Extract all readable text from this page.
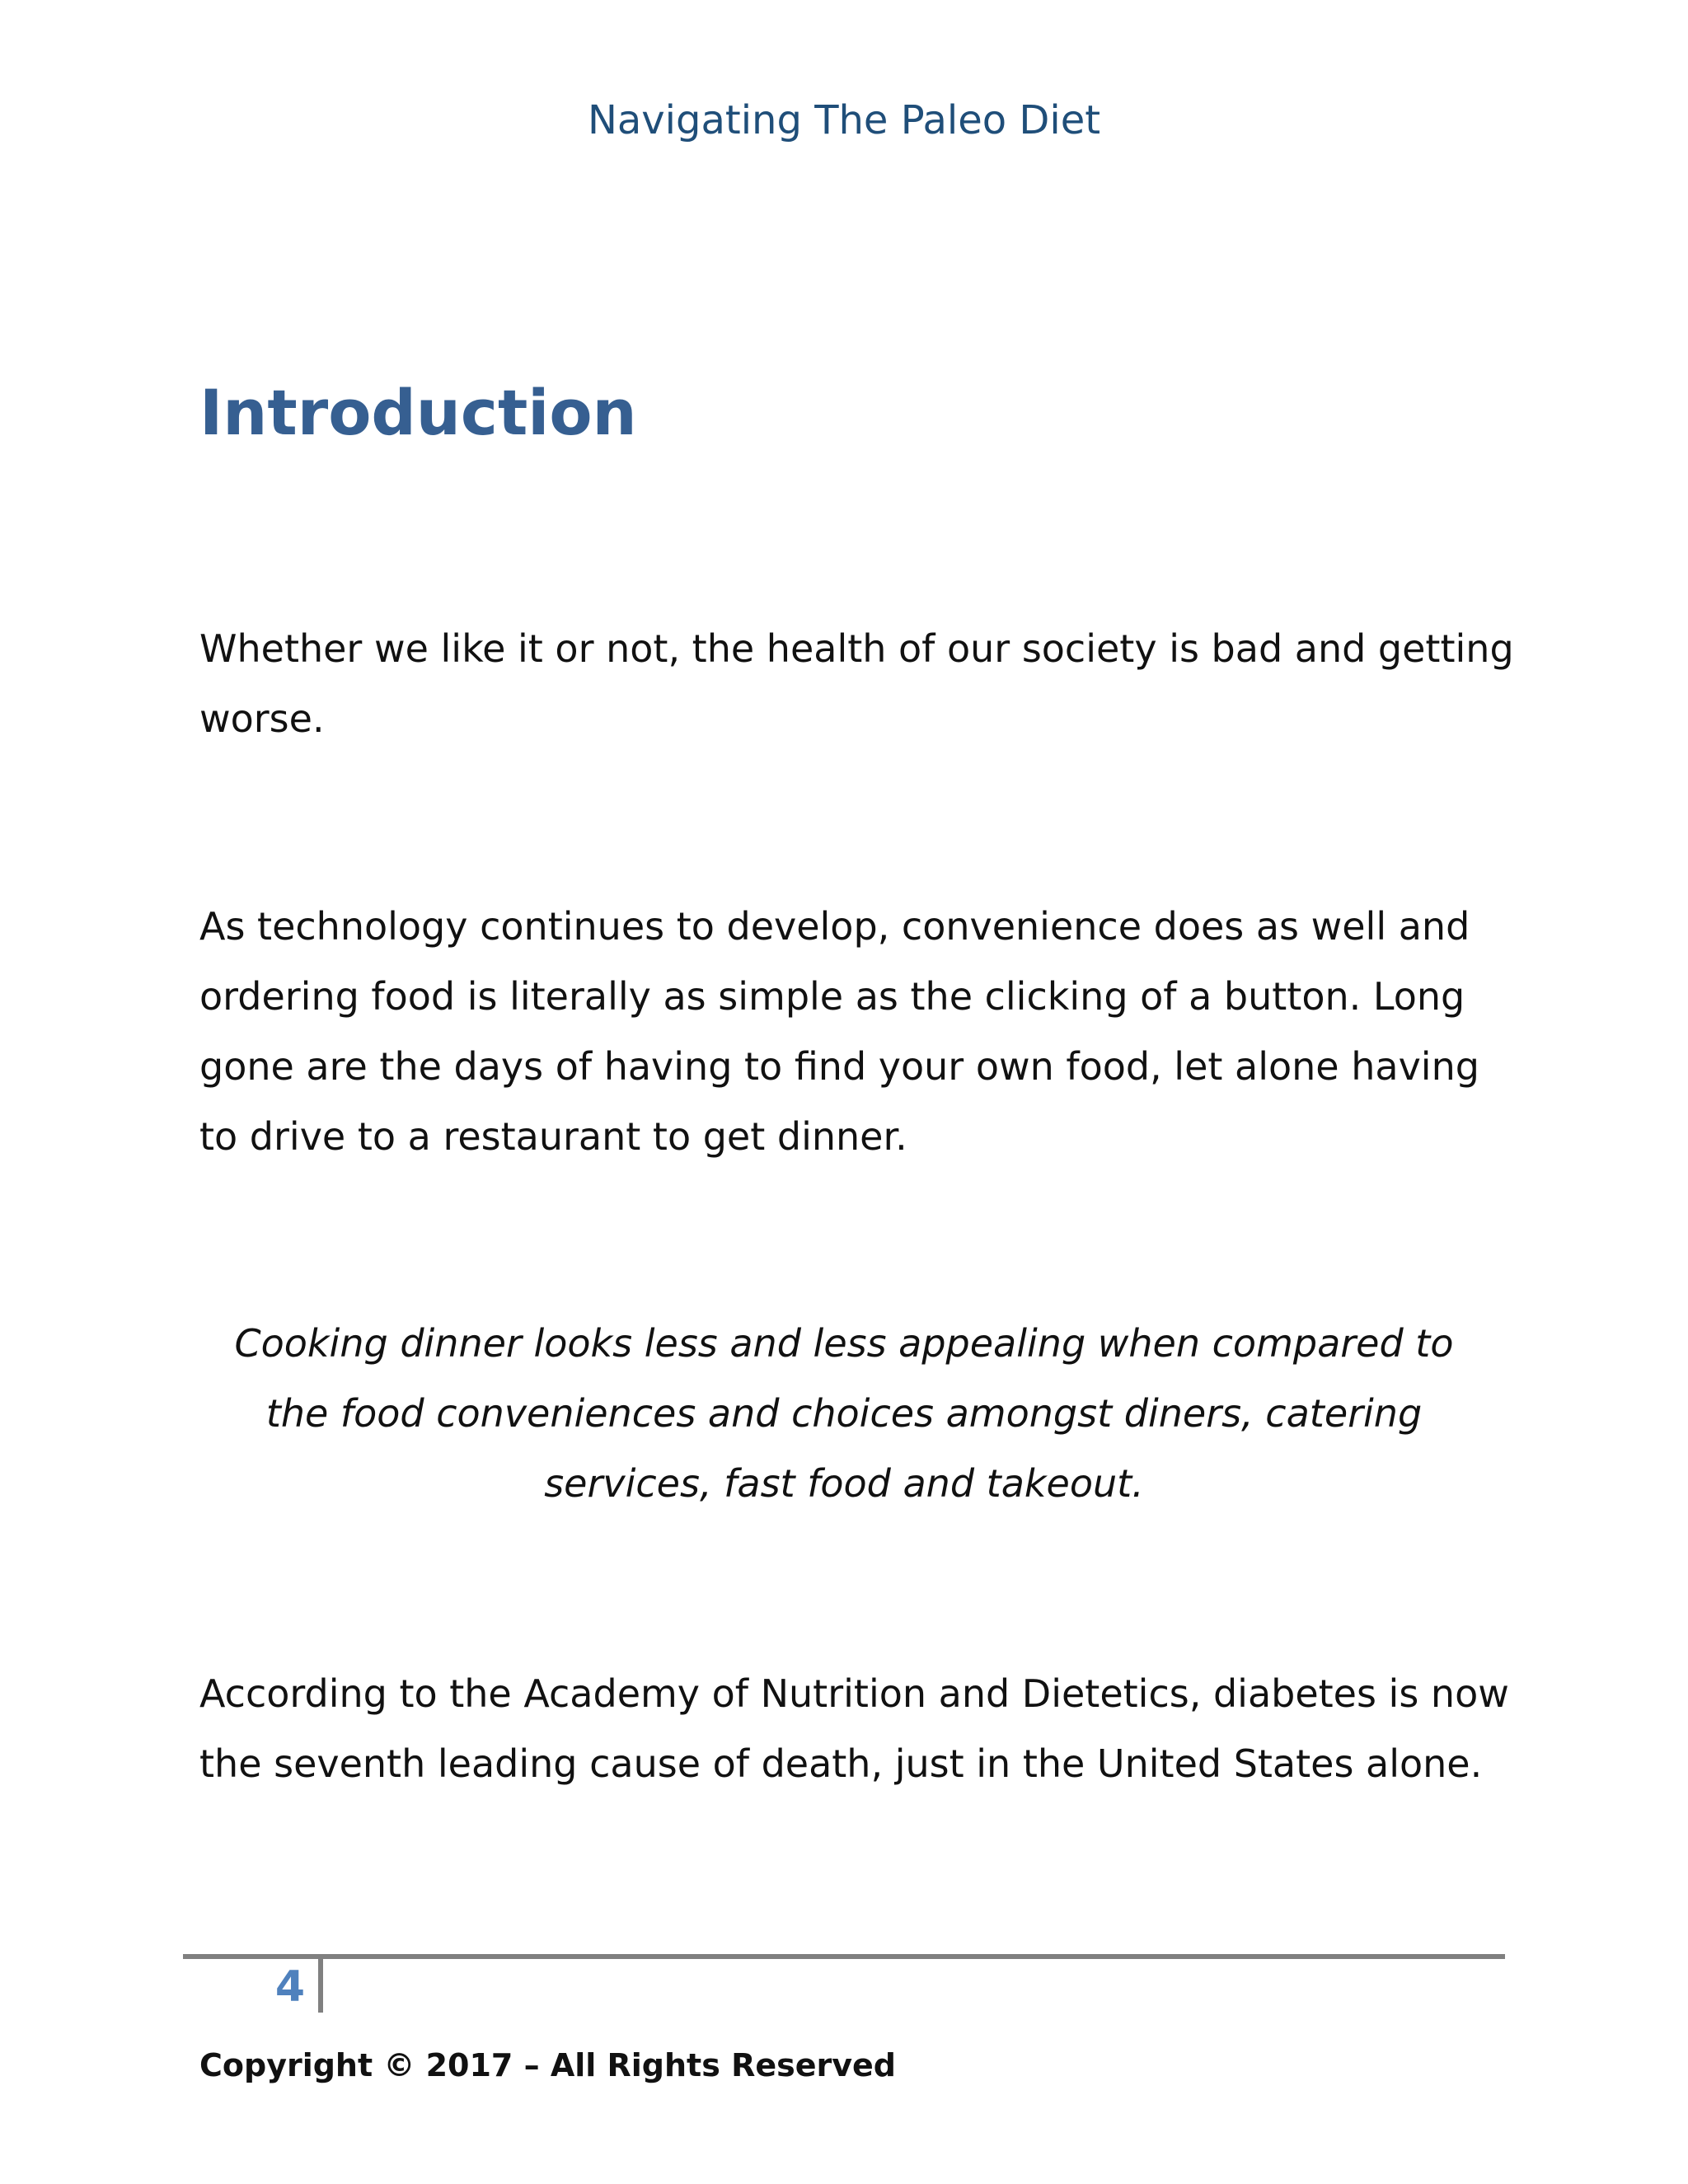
Navigating The Paleo Diet
Introduction

Whether we like it or not, the health of our society is bad and getting worse.

As technology continues to develop, convenience does as well and ordering food is literally as simple as the clicking of a button. Long gone are the days of having to find your own food, let alone having to drive to a restaurant to get dinner.

Cooking dinner looks less and less appealing when compared to the food conveniences and choices amongst diners, catering services, fast food and takeout.

According to the Academy of Nutrition and Dietetics, diabetes is now the seventh leading cause of death, just in the United States alone.

4
Copyright © 2017 – All Rights Reserved
